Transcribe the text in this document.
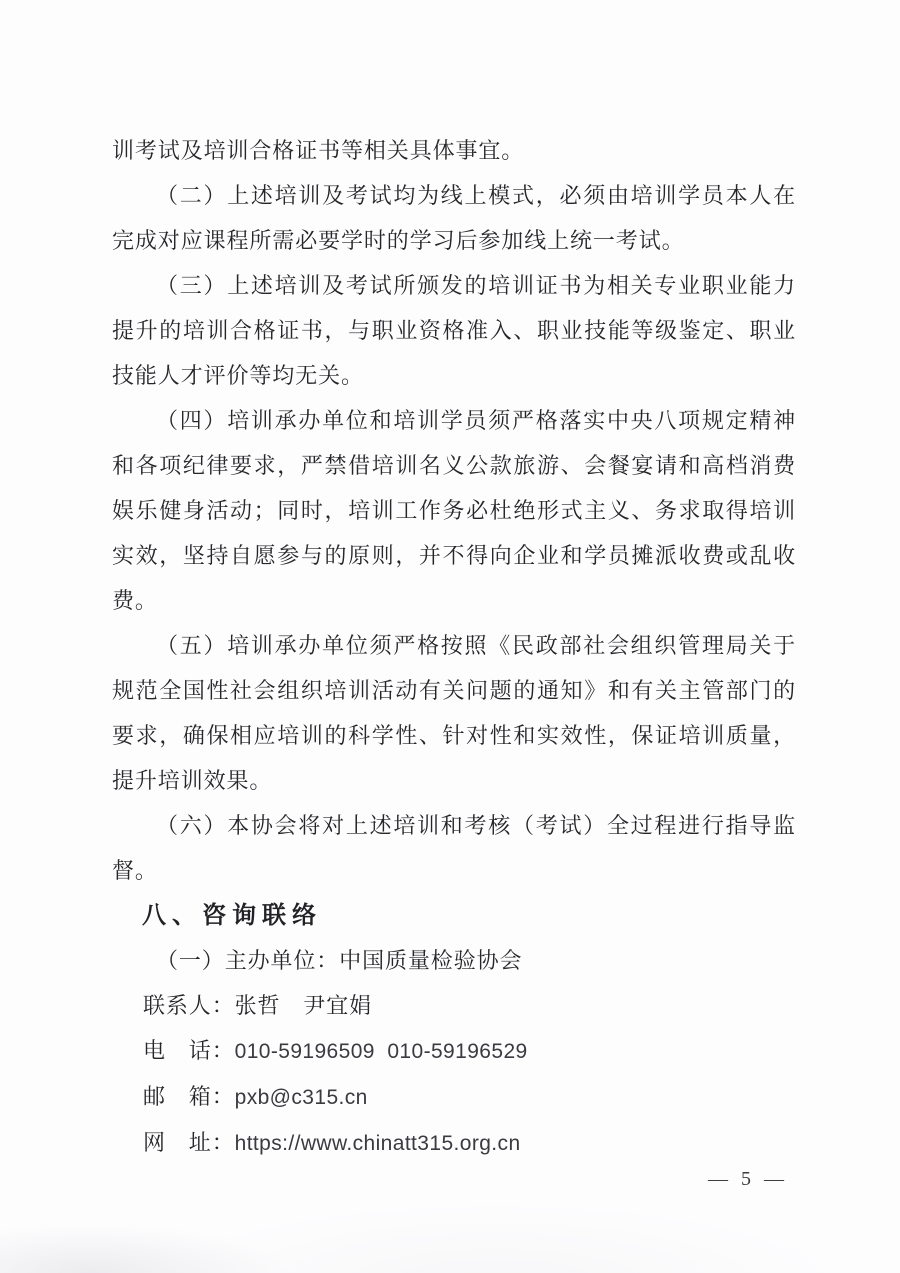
训考试及培训合格证书等相关具体事宜。

（二）上述培训及考试均为线上模式，必须由培训学员本人在完成对应课程所需必要学时的学习后参加线上统一考试。

（三）上述培训及考试所颁发的培训证书为相关专业职业能力提升的培训合格证书，与职业资格准入、职业技能等级鉴定、职业技能人才评价等均无关。

（四）培训承办单位和培训学员须严格落实中央八项规定精神和各项纪律要求，严禁借培训名义公款旅游、会餐宴请和高档消费娱乐健身活动；同时，培训工作务必杜绝形式主义、务求取得培训实效，坚持自愿参与的原则，并不得向企业和学员摊派收费或乱收费。

（五）培训承办单位须严格按照《民政部社会组织管理局关于规范全国性社会组织培训活动有关问题的通知》和有关主管部门的要求，确保相应培训的科学性、针对性和实效性，保证培训质量，提升培训效果。

（六）本协会将对上述培训和考核（考试）全过程进行指导监督。

八、咨询联络

（一）主办单位：中国质量检验协会

联系人：张哲　尹宜娟

电　话：010-59196509  010-59196529

邮　箱：pxb@c315.cn

网　址：https://www.chinatt315.org.cn

— 5 —
